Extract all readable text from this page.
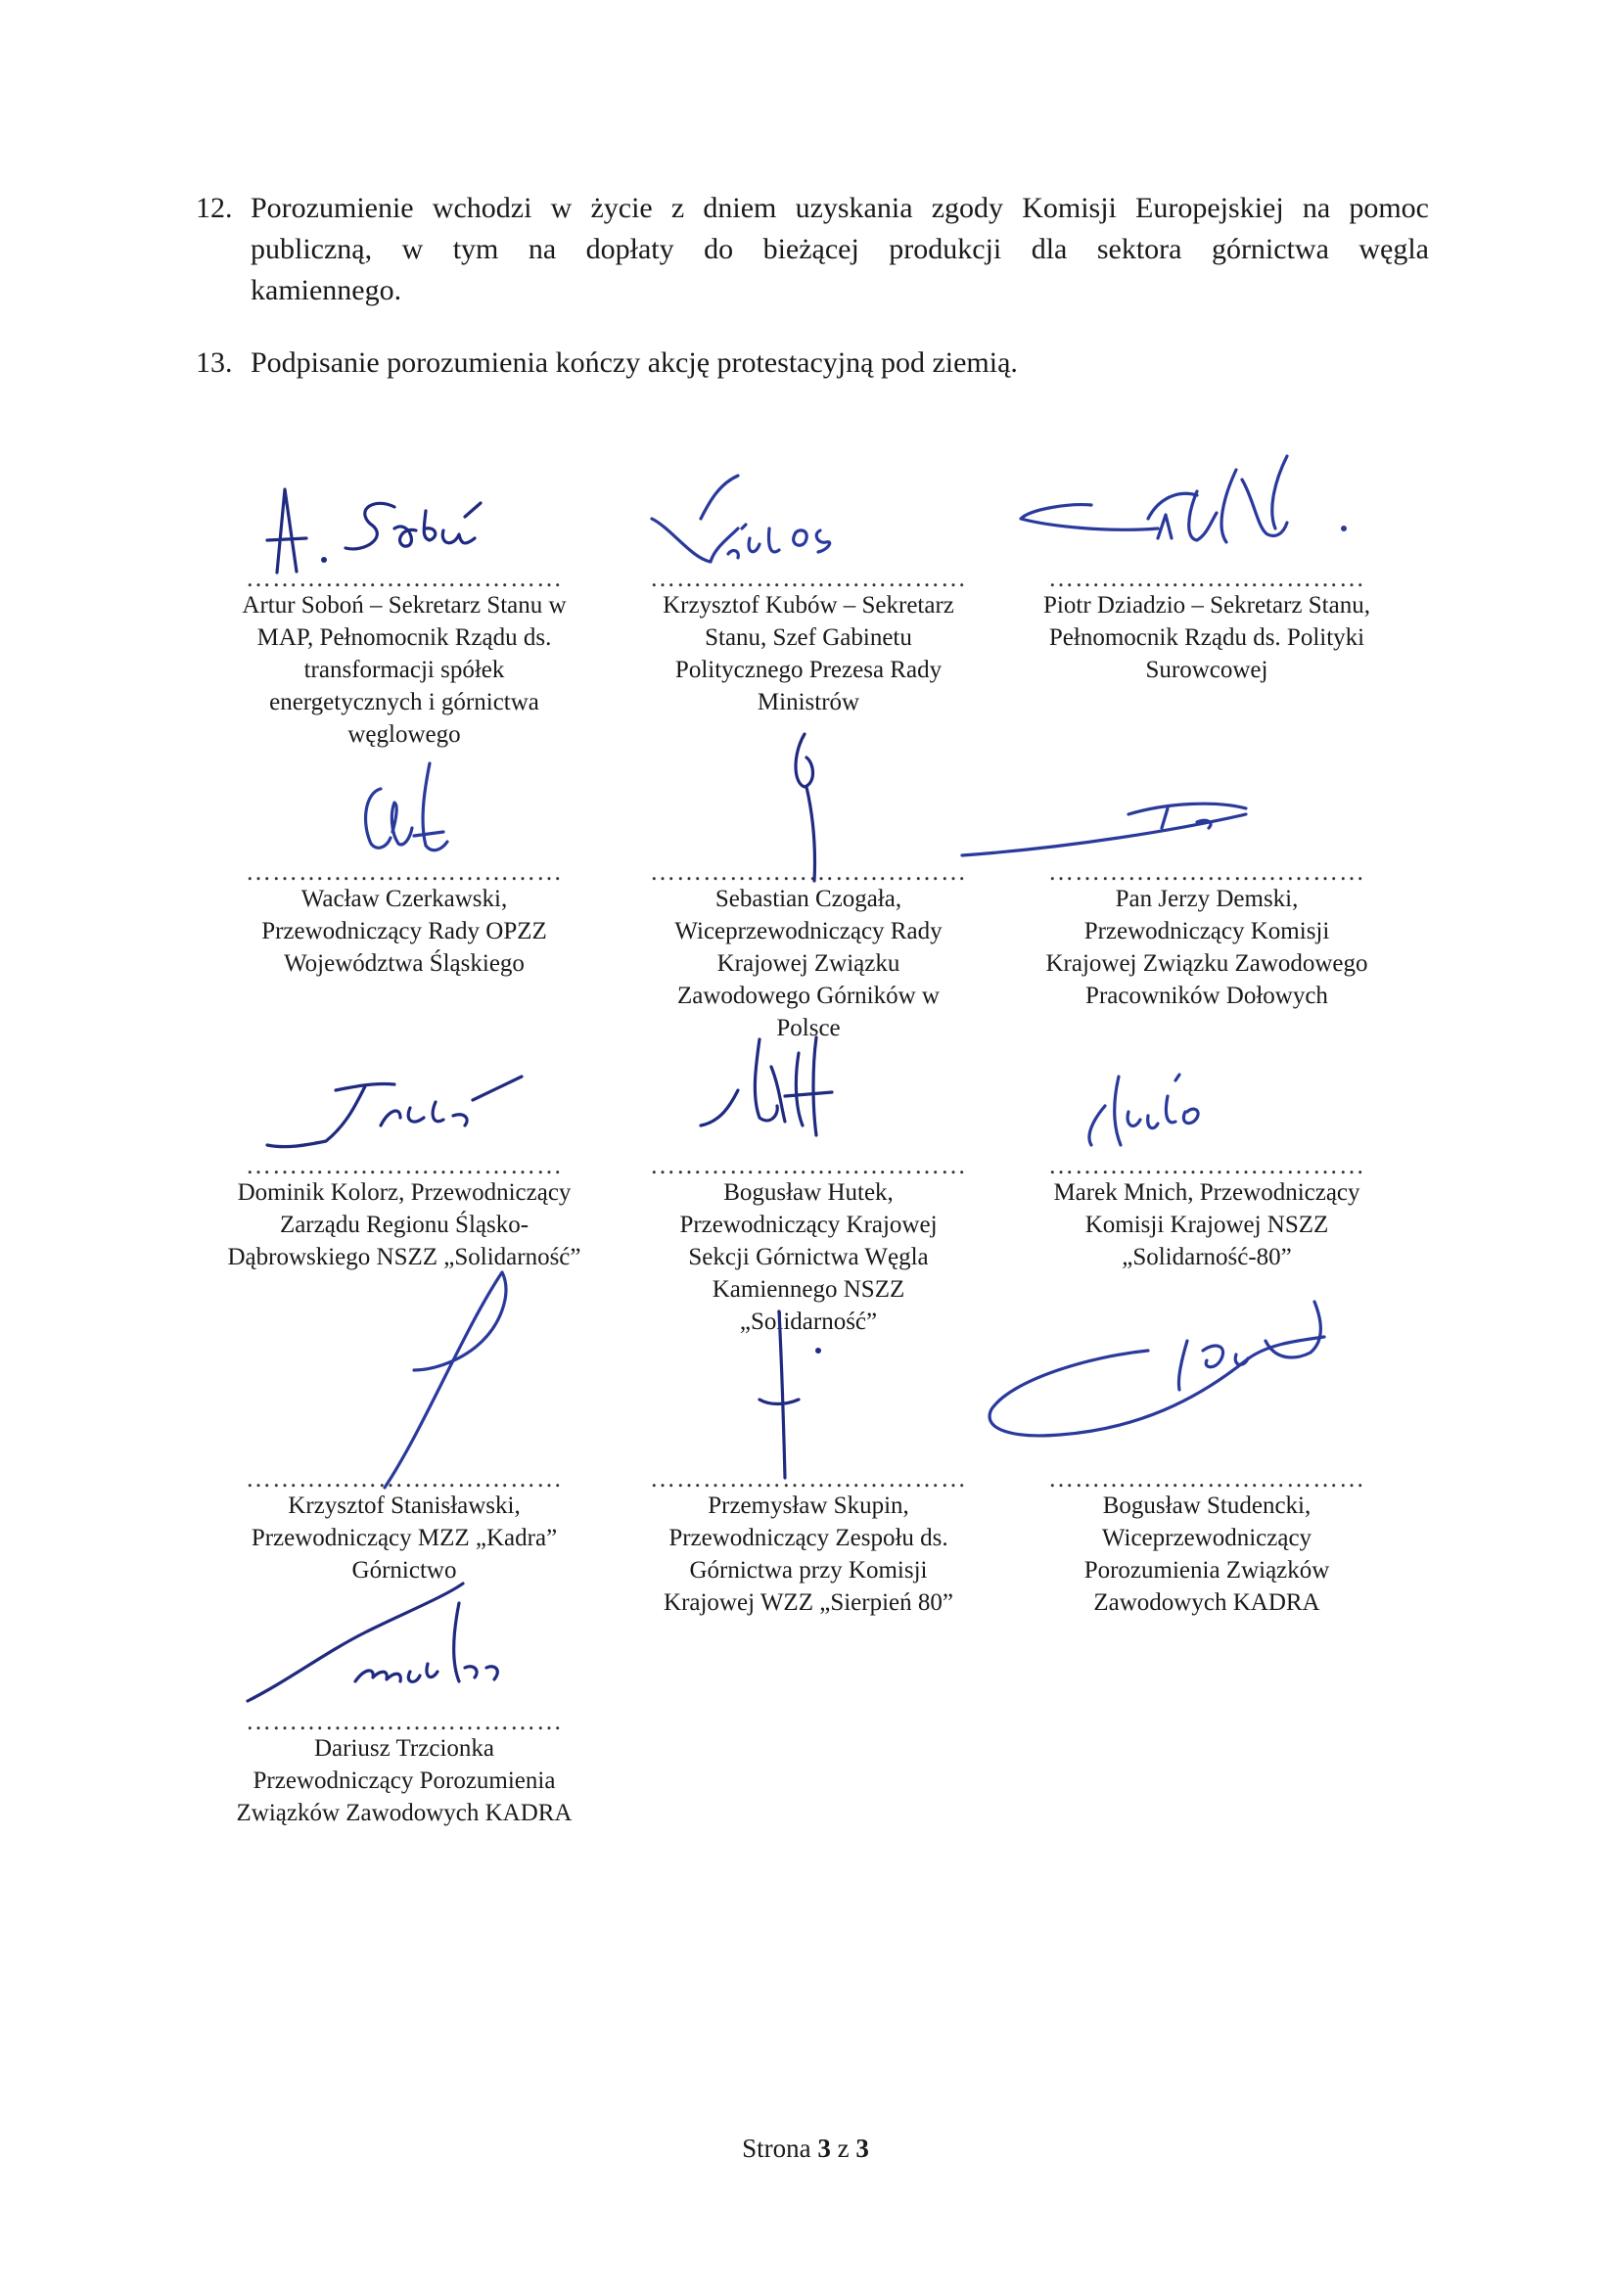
12. Porozumienie wchodzi w życie z dniem uzyskania zgody Komisji Europejskiej na pomoc
publiczną, w tym na dopłaty do bieżącej produkcji dla sektora górnictwa węgla
kamiennego.
13. Podpisanie porozumienia kończy akcję protestacyjną pod ziemią.
………………………………
Artur Soboń – Sekretarz Stanu w
MAP, Pełnomocnik Rządu ds.
transformacji spółek
energetycznych i górnictwa
węglowego
………………………………
Krzysztof Kubów – Sekretarz
Stanu, Szef Gabinetu
Politycznego Prezesa Rady
Ministrów
………………………………
Piotr Dziadzio – Sekretarz Stanu,
Pełnomocnik Rządu ds. Polityki
Surowcowej
………………………………
Wacław Czerkawski,
Przewodniczący Rady OPZZ
Województwa Śląskiego
………………………………
Sebastian Czogała,
Wiceprzewodniczący Rady
Krajowej Związku
Zawodowego Górników w
Polsce
………………………………
Pan Jerzy Demski,
Przewodniczący Komisji
Krajowej Związku Zawodowego
Pracowników Dołowych
………………………………
Dominik Kolorz, Przewodniczący
Zarządu Regionu Śląsko-
Dąbrowskiego NSZZ „Solidarność”
………………………………
Bogusław Hutek,
Przewodniczący Krajowej
Sekcji Górnictwa Węgla
Kamiennego NSZZ
„Solidarność”
………………………………
Marek Mnich, Przewodniczący
Komisji Krajowej NSZZ
„Solidarność-80”
………………………………
Krzysztof Stanisławski,
Przewodniczący MZZ „Kadra”
Górnictwo
………………………………
Przemysław Skupin,
Przewodniczący Zespołu ds.
Górnictwa przy Komisji
Krajowej WZZ „Sierpień 80”
………………………………
Bogusław Studencki,
Wiceprzewodniczący
Porozumienia Związków
Zawodowych KADRA
………………………………
Dariusz Trzcionka
Przewodniczący Porozumienia
Związków Zawodowych KADRA
Strona 3 z 3
